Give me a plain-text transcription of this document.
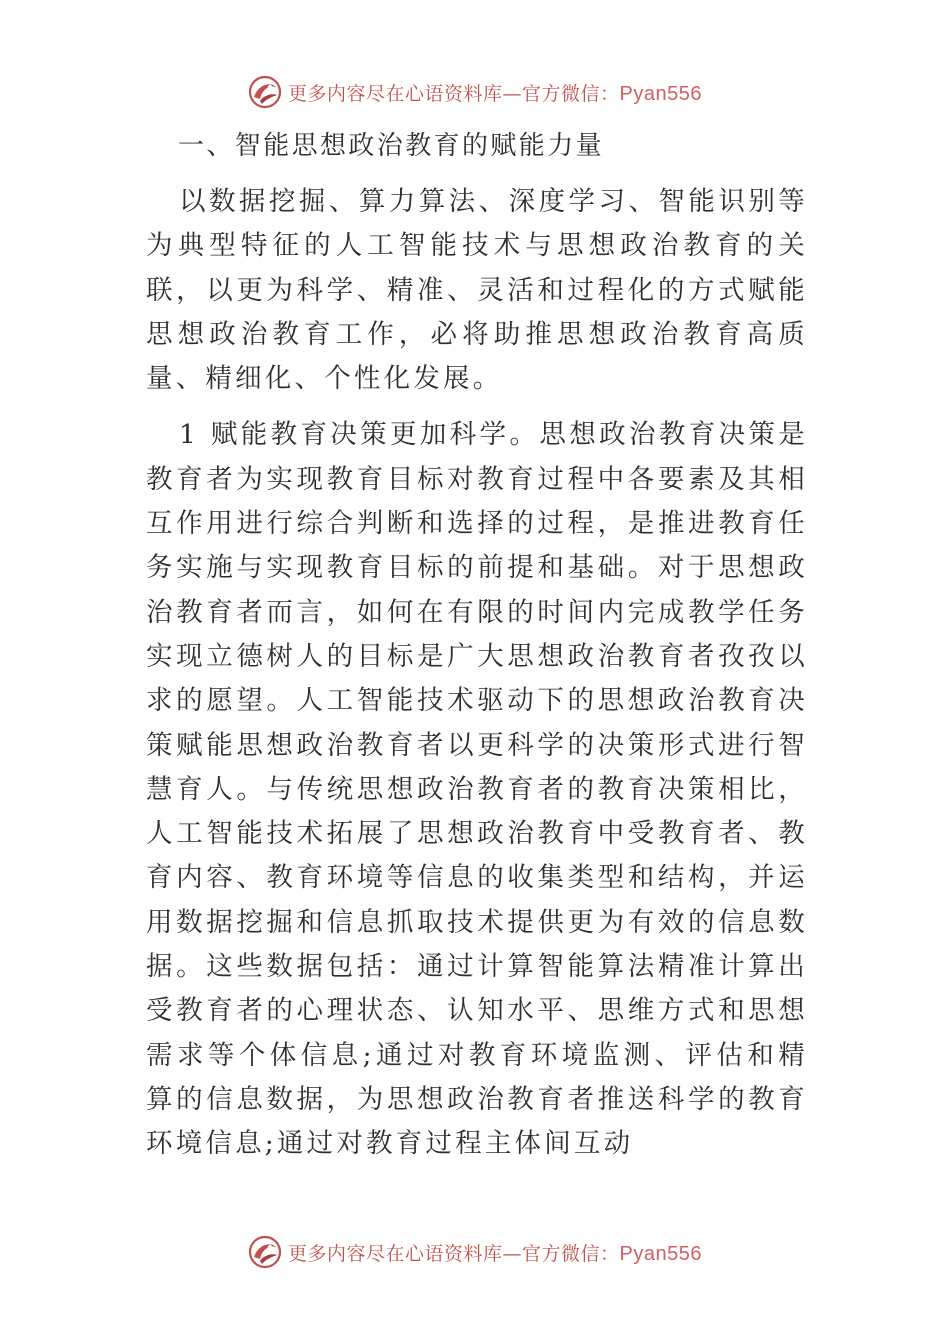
更多内容尽在心语资料库—官方微信：Pyan556
一、智能思想政治教育的赋能力量

以数据挖掘、算力算法、深度学习、智能识别等为典型特征的人工智能技术与思想政治教育的关联，以更为科学、精准、灵活和过程化的方式赋能思想政治教育工作，必将助推思想政治教育高质量、精细化、个性化发展。

1 赋能教育决策更加科学。思想政治教育决策是教育者为实现教育目标对教育过程中各要素及其相互作用进行综合判断和选择的过程，是推进教育任务实施与实现教育目标的前提和基础。对于思想政治教育者而言，如何在有限的时间内完成教学任务实现立德树人的目标是广大思想政治教育者孜孜以求的愿望。人工智能技术驱动下的思想政治教育决策赋能思想政治教育者以更科学的决策形式进行智慧育人。与传统思想政治教育者的教育决策相比，人工智能技术拓展了思想政治教育中受教育者、教育内容、教育环境等信息的收集类型和结构，并运用数据挖掘和信息抓取技术提供更为有效的信息数据。这些数据包括：通过计算智能算法精准计算出受教育者的心理状态、认知水平、思维方式和思想需求等个体信息;通过对教育环境监测、评估和精算的信息数据，为思想政治教育者推送科学的教育环境信息;通过对教育过程主体间互动

更多内容尽在心语资料库—官方微信：Pyan556
